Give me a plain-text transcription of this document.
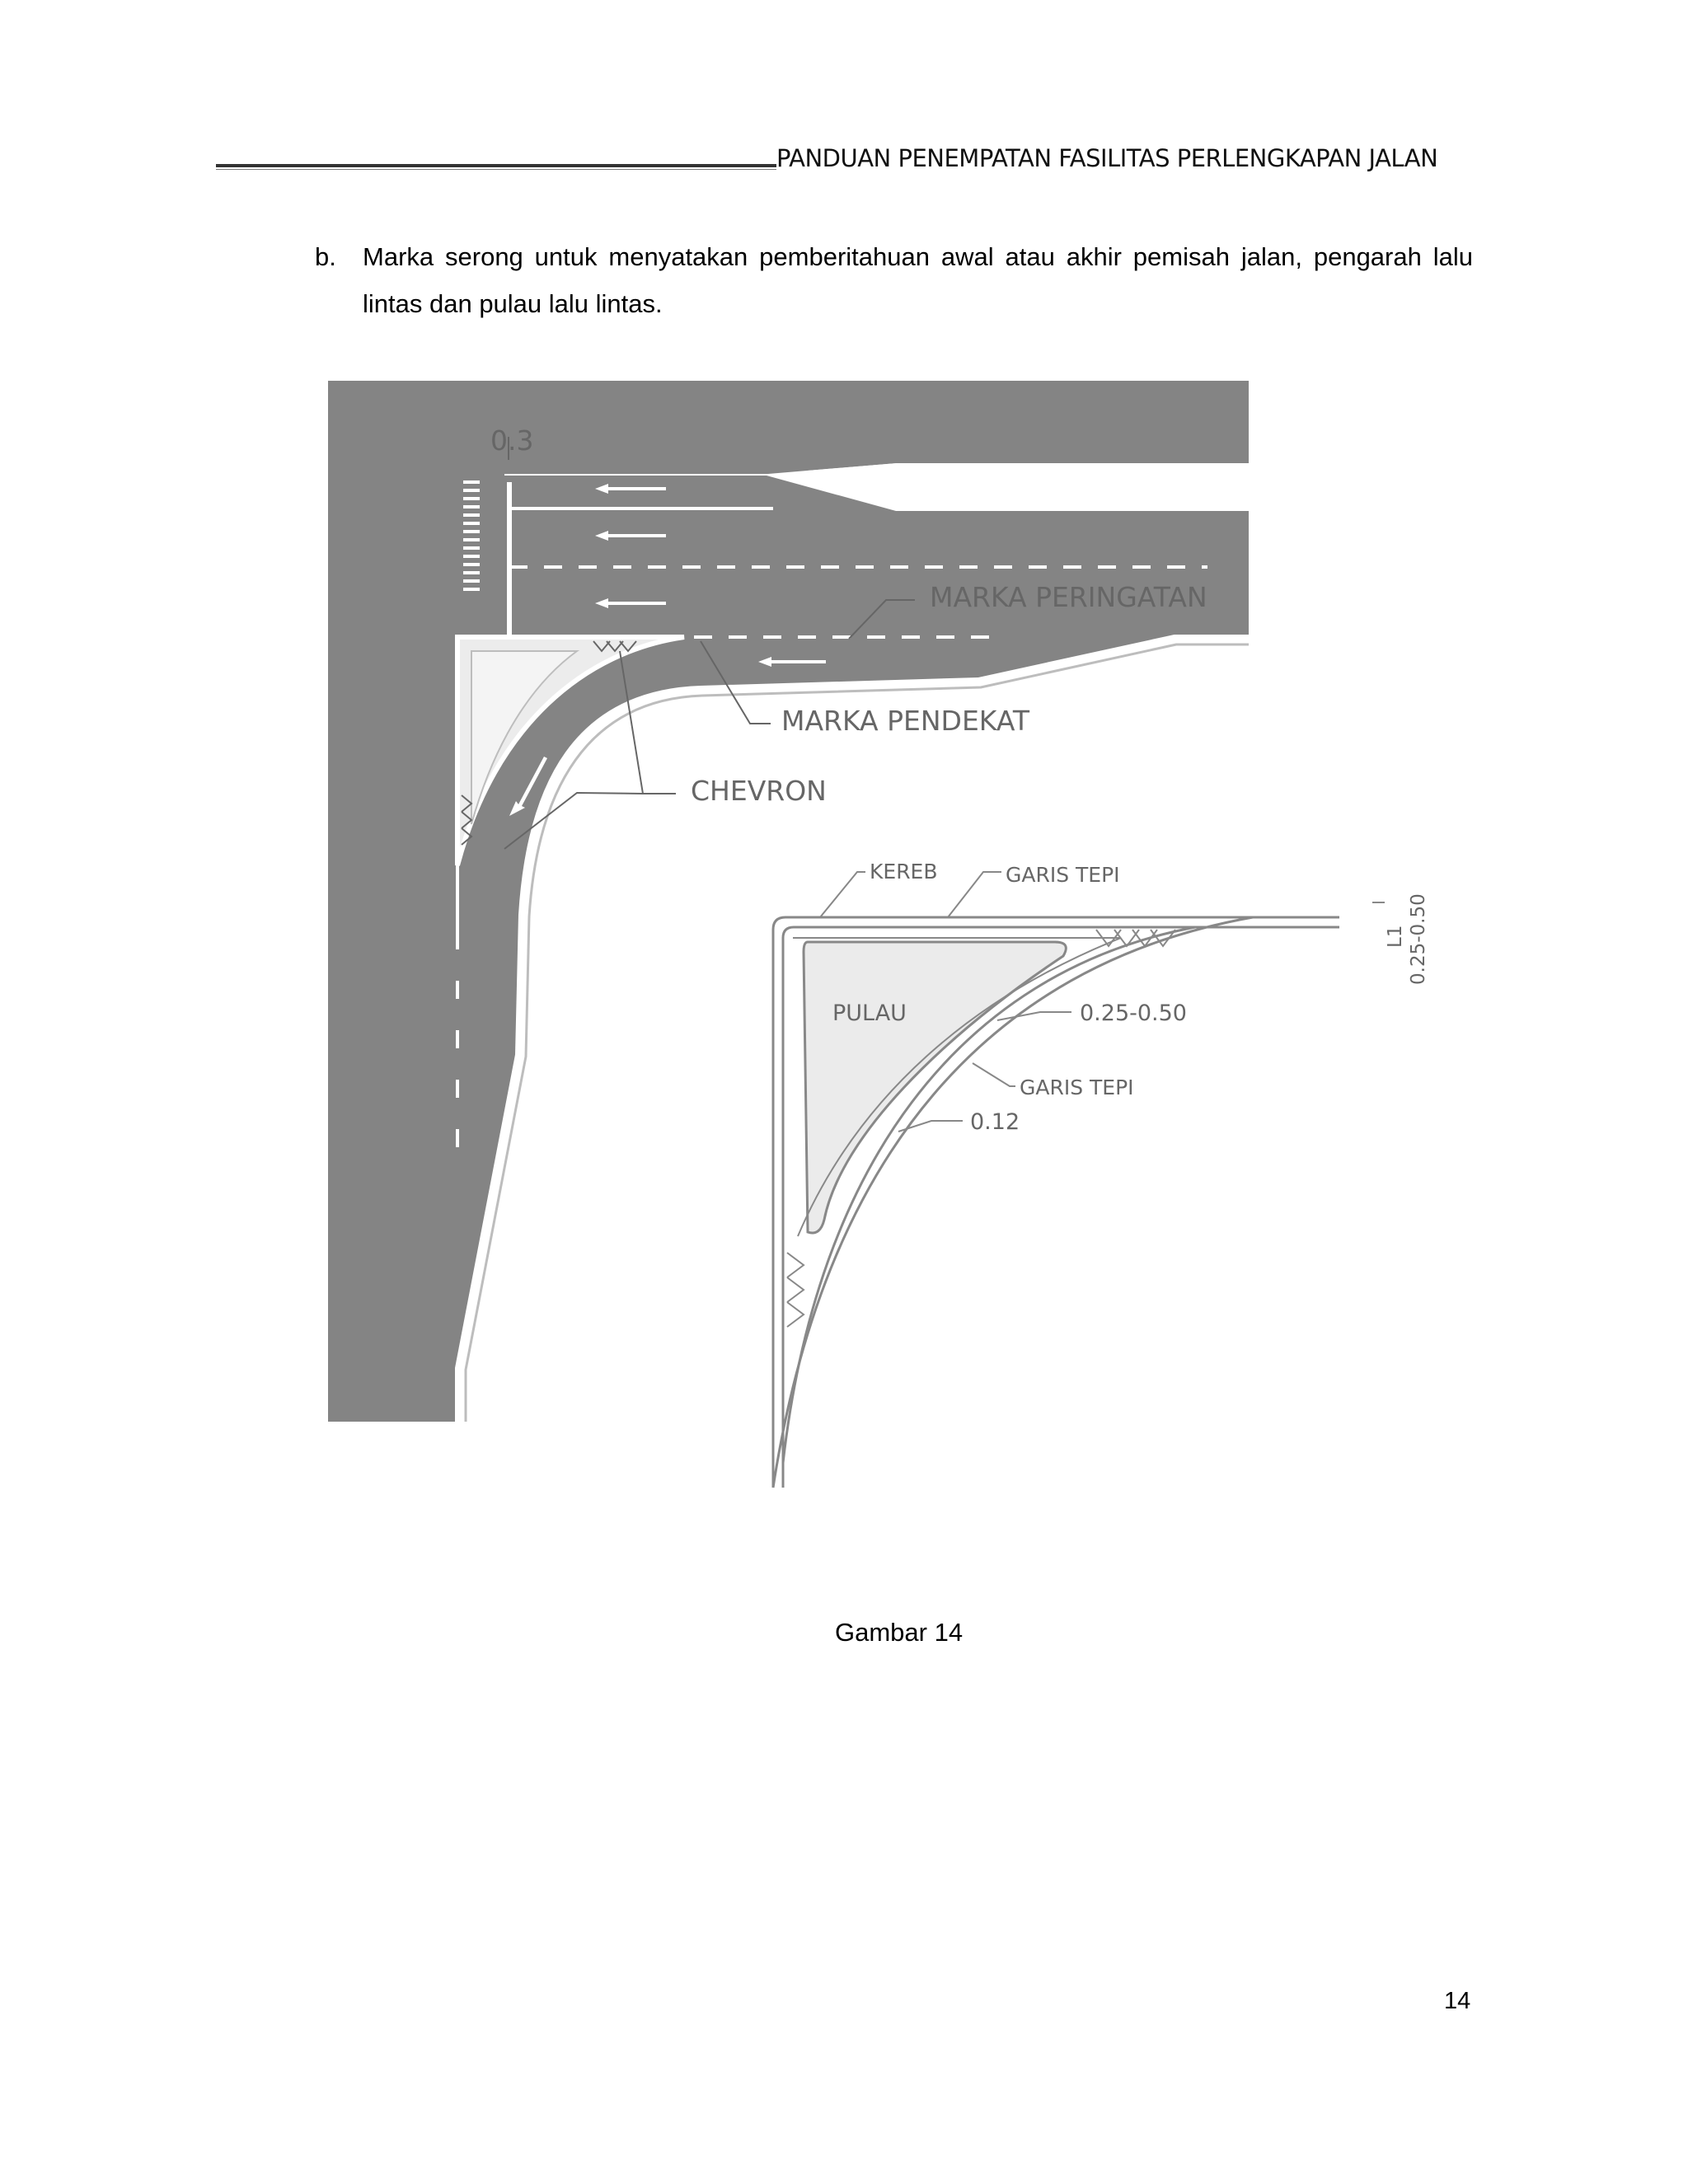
PANDUAN PENEMPATAN FASILITAS PERLENGKAPAN JALAN
b. Marka serong untuk menyatakan pemberitahuan awal atau akhir pemisah jalan, pengarah lalu lintas dan pulau lalu lintas.
0.3
MARKA PERINGATAN
MARKA PENDEKAT
CHEVRON
KEREB	GARIS TEPI
PULAU	0.25-0.50
GARIS TEPI
0.12
L1 0.25-0.50
Gambar 14
14
